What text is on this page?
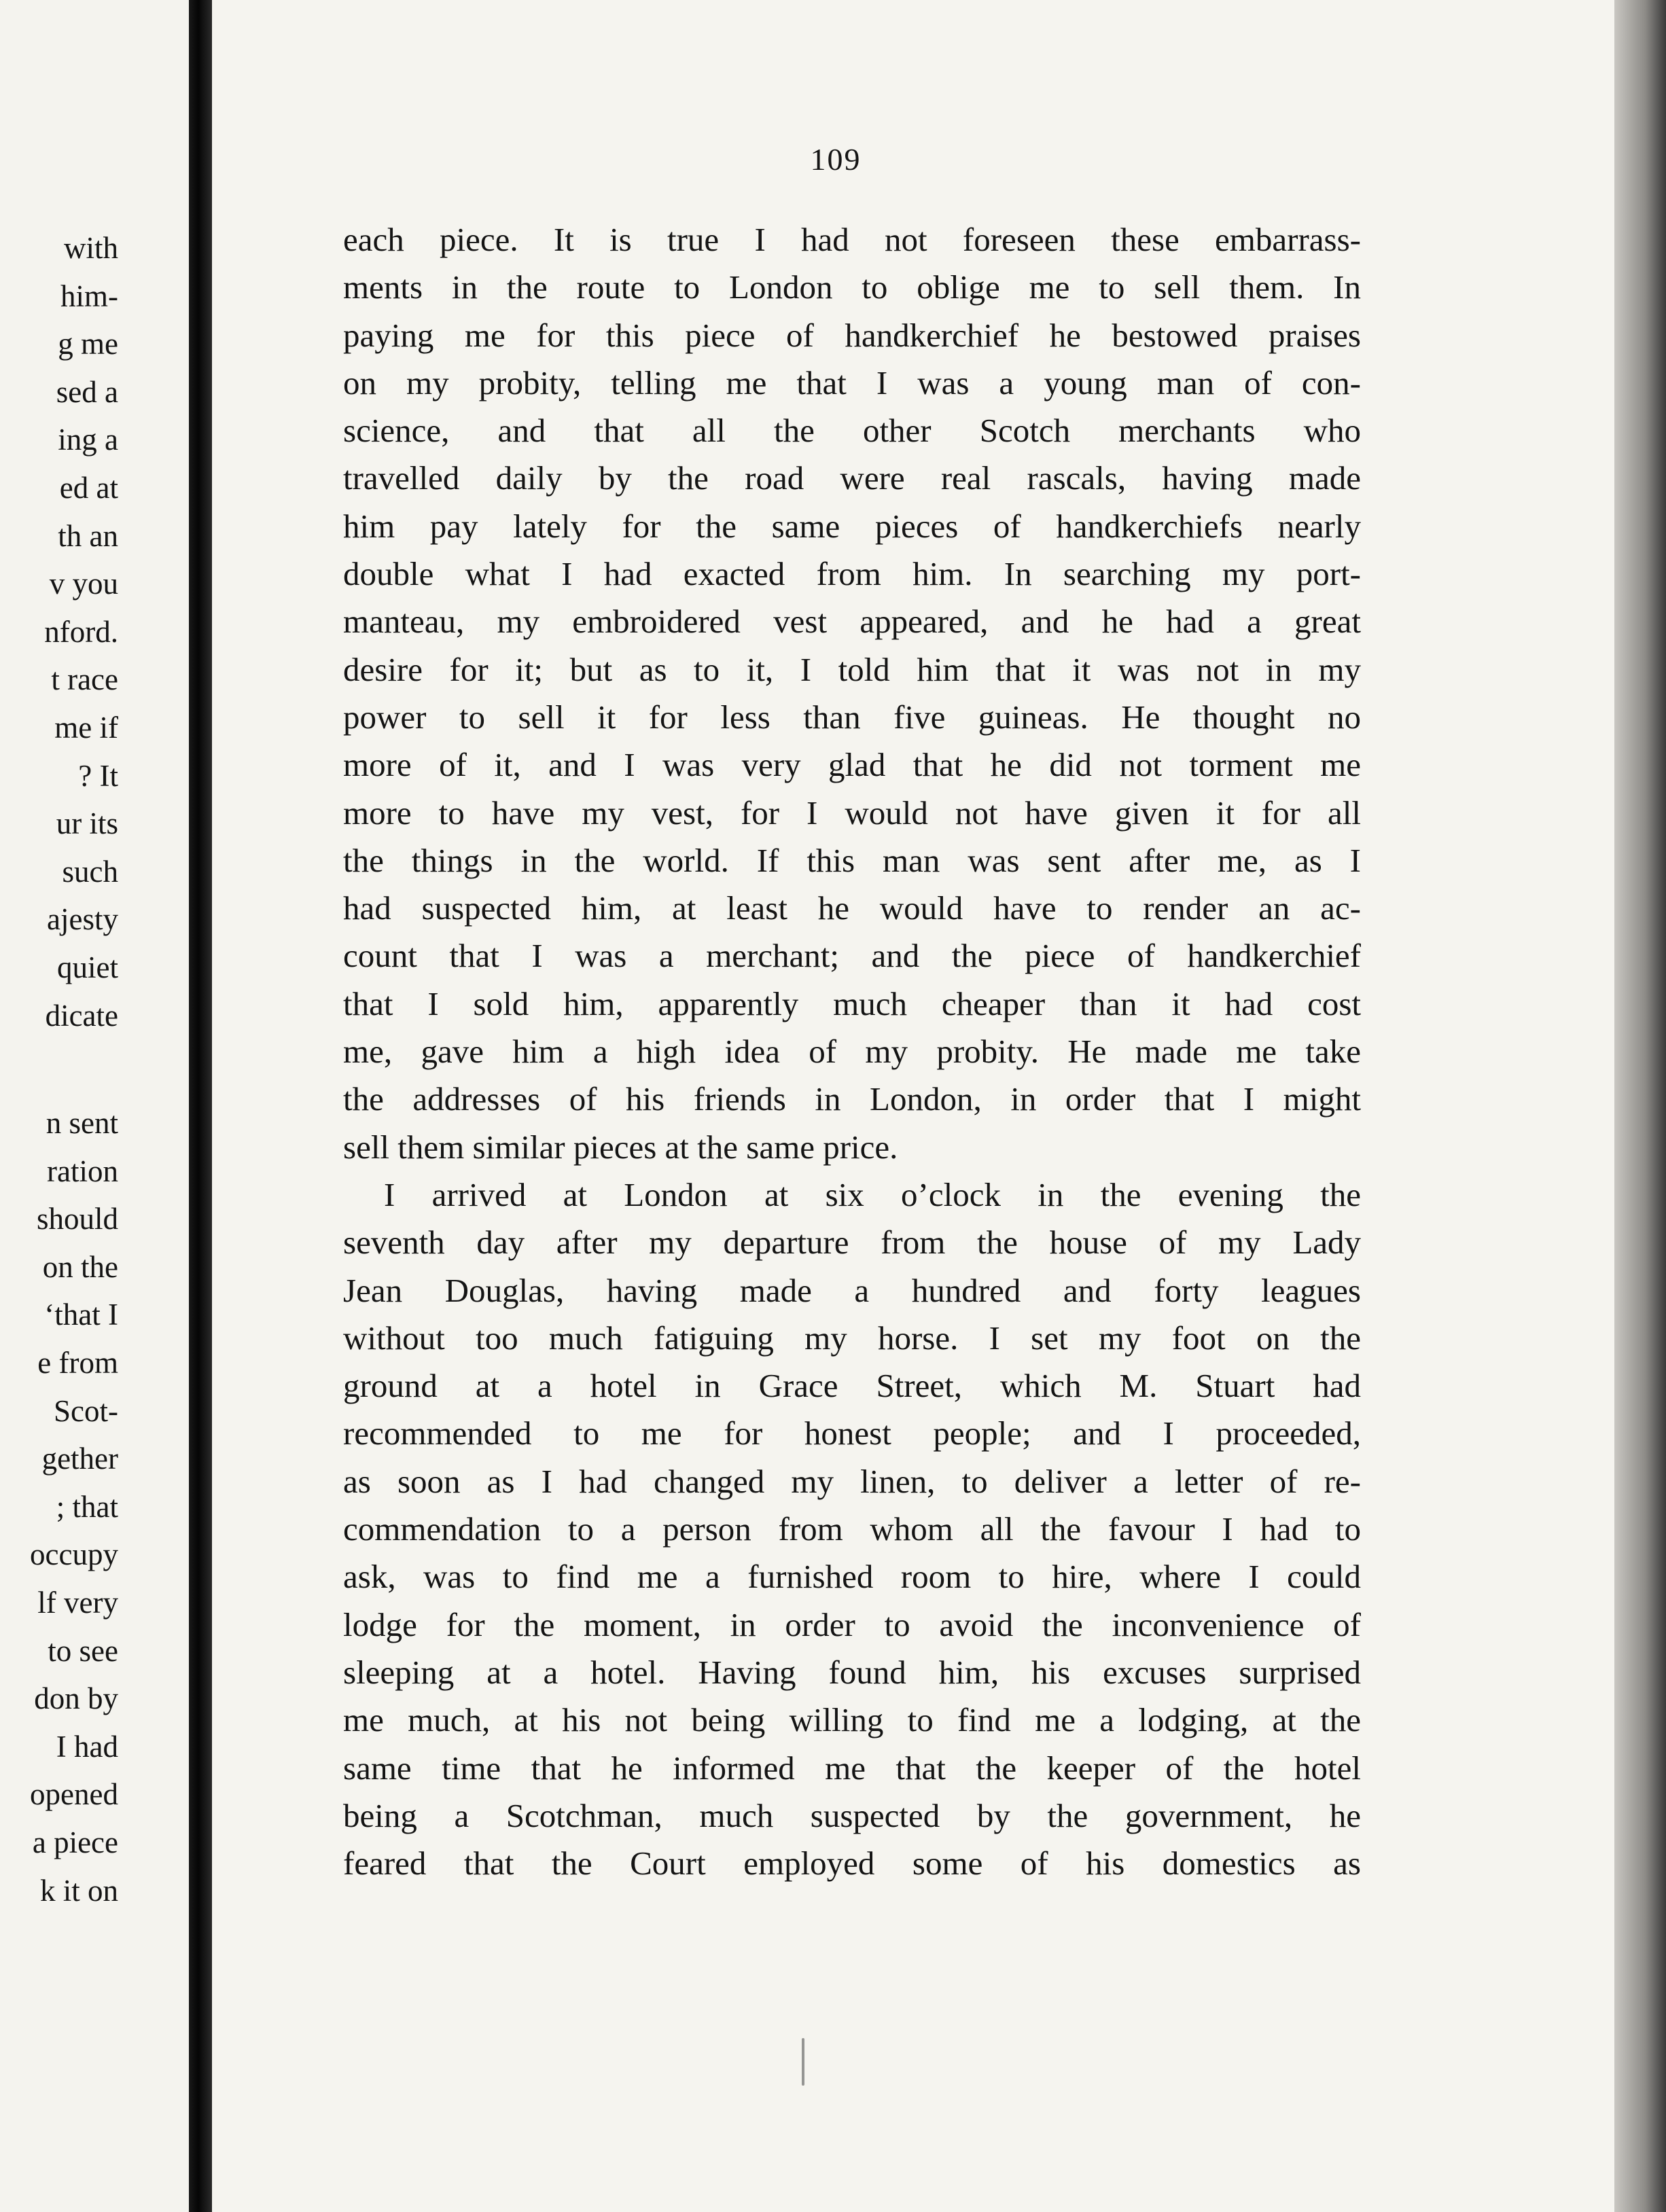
with
him-
g me
sed a
ing a
ed at
th an
v you
nford.
t race
me if
? It
ur its
such
ajesty
quiet
dicate
n sent
ration
should
on the
‘that I
e from
Scot-
gether
; that
occupy
lf very
to see
don by
I had
opened
a piece
k it on
109
each piece. It is true I had not foreseen these embarrass-
ments in the route to London to oblige me to sell them. In
paying me for this piece of handkerchief he bestowed praises
on my probity, telling me that I was a young man of con-
science, and that all the other Scotch merchants who
travelled daily by the road were real rascals, having made
him pay lately for the same pieces of handkerchiefs nearly
double what I had exacted from him. In searching my port-
manteau, my embroidered vest appeared, and he had a great
desire for it; but as to it, I told him that it was not in my
power to sell it for less than five guineas. He thought no
more of it, and I was very glad that he did not torment me
more to have my vest, for I would not have given it for all
the things in the world. If this man was sent after me, as I
had suspected him, at least he would have to render an ac-
count that I was a merchant; and the piece of handkerchief
that I sold him, apparently much cheaper than it had cost
me, gave him a high idea of my probity. He made me take
the addresses of his friends in London, in order that I might
sell them similar pieces at the same price.
I arrived at London at six o’clock in the evening the
seventh day after my departure from the house of my Lady
Jean Douglas, having made a hundred and forty leagues
without too much fatiguing my horse. I set my foot on the
ground at a hotel in Grace Street, which M. Stuart had
recommended to me for honest people; and I proceeded,
as soon as I had changed my linen, to deliver a letter of re-
commendation to a person from whom all the favour I had to
ask, was to find me a furnished room to hire, where I could
lodge for the moment, in order to avoid the inconvenience of
sleeping at a hotel. Having found him, his excuses surprised
me much, at his not being willing to find me a lodging, at the
same time that he informed me that the keeper of the hotel
being a Scotchman, much suspected by the government, he
feared that the Court employed some of his domestics as
